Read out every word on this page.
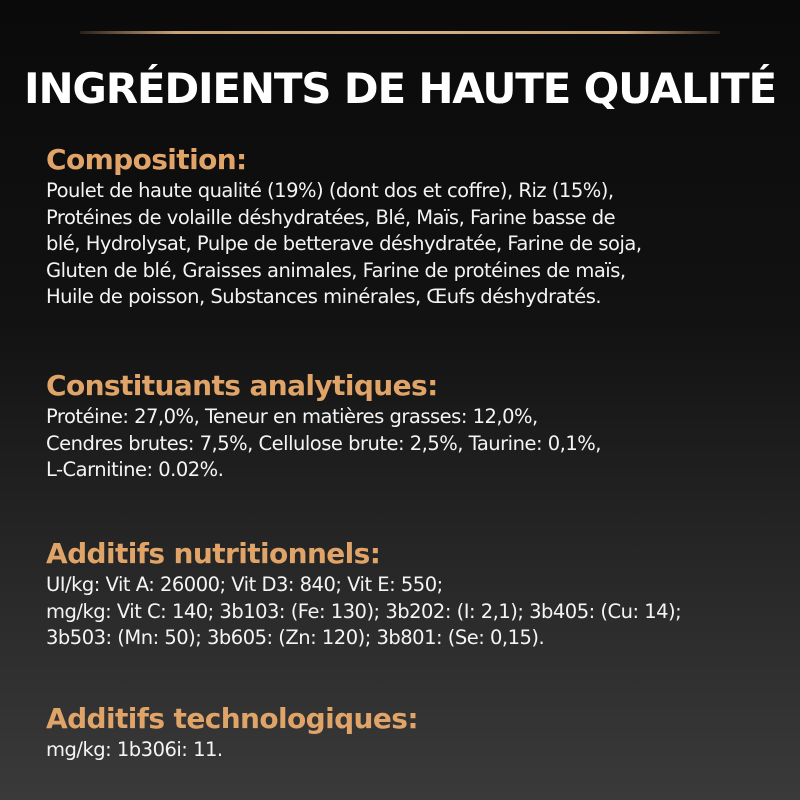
INGRÉDIENTS DE HAUTE QUALITÉ
Composition:
Poulet de haute qualité (19%) (dont dos et coffre), Riz (15%),
Protéines de volaille déshydratées, Blé, Maïs, Farine basse de
blé, Hydrolysat, Pulpe de betterave déshydratée, Farine de soja,
Gluten de blé, Graisses animales, Farine de protéines de maïs,
Huile de poisson, Substances minérales, Œufs déshydratés.
Constituants analytiques:
Protéine: 27,0%, Teneur en matières grasses: 12,0%,
Cendres brutes: 7,5%, Cellulose brute: 2,5%, Taurine: 0,1%,
L-Carnitine: 0.02%.
Additifs nutritionnels:
UI/kg: Vit A: 26000; Vit D3: 840; Vit E: 550;
mg/kg: Vit C: 140; 3b103: (Fe: 130); 3b202: (I: 2,1); 3b405: (Cu: 14);
3b503: (Mn: 50); 3b605: (Zn: 120); 3b801: (Se: 0,15).
Additifs technologiques:
mg/kg: 1b306i: 11.
